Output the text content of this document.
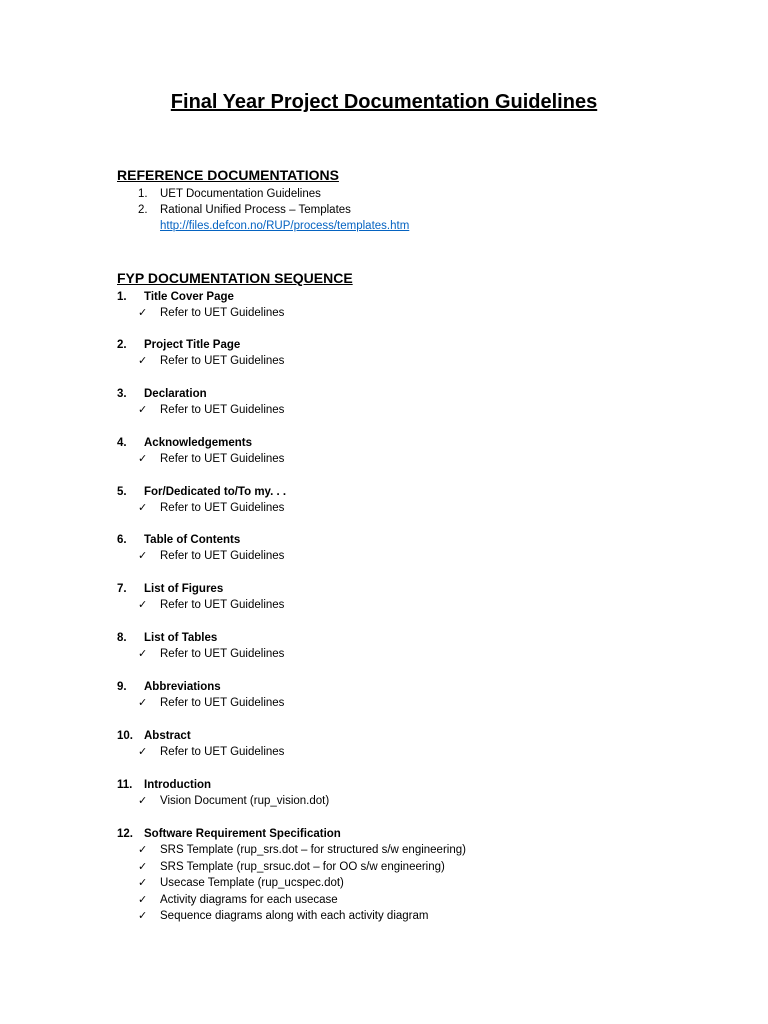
Final Year Project Documentation Guidelines
REFERENCE DOCUMENTATIONS
1. UET Documentation Guidelines
2. Rational Unified Process – Templates
http://files.defcon.no/RUP/process/templates.htm
FYP DOCUMENTATION SEQUENCE
1. Title Cover Page
✓ Refer to UET Guidelines
2. Project Title Page
✓ Refer to UET Guidelines
3. Declaration
✓ Refer to UET Guidelines
4. Acknowledgements
✓ Refer to UET Guidelines
5. For/Dedicated to/To my. . .
✓ Refer to UET Guidelines
6. Table of Contents
✓ Refer to UET Guidelines
7. List of Figures
✓ Refer to UET Guidelines
8. List of Tables
✓ Refer to UET Guidelines
9. Abbreviations
✓ Refer to UET Guidelines
10. Abstract
✓ Refer to UET Guidelines
11. Introduction
✓ Vision Document (rup_vision.dot)
12. Software Requirement Specification
✓ SRS Template (rup_srs.dot – for structured s/w engineering)
✓ SRS Template (rup_srsuc.dot – for OO s/w engineering)
✓ Usecase Template (rup_ucspec.dot)
✓ Activity diagrams for each usecase
✓ Sequence diagrams along with each activity diagram
